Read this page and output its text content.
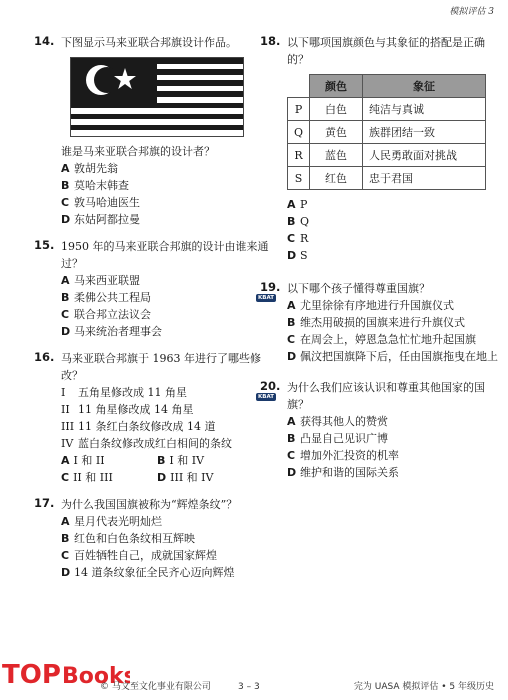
模拟评估 3
14. 下图显示马来亚联合邦旗设计作品。
谁是马来亚联合邦旗的设计者？
A 敦胡先翁
B 莫哈末韩查
C 敦马哈迪医生
D 东姑阿都拉曼
15. 1950 年的马来亚联合邦旗的设计由谁来通过？
A 马来西亚联盟
B 柔佛公共工程局
C 联合邦立法议会
D 马来统治者理事会
16. 马来亚联合邦旗于 1963 年进行了哪些修改？
I	五角星修改成 11 角星
II 11 角星修改成 14 角星
III 11 条红白条纹修改成 14 道
IV 蓝白条纹修改成红白相间的条纹
A I 和 II	B I 和 IV
C II 和 III	D III 和 IV
17. 为什么我国国旗被称为“辉煌条纹”？
A 星月代表光明灿烂
B 红色和白色条纹相互辉映
C 百姓牺牲自己，成就国家辉煌
D 14 道条纹象征全民齐心迈向辉煌
18. 以下哪项国旗颜色与其象征的搭配是正确的？
	颜色	象征
P	白色	纯洁与真诚
Q	黄色	族群团结一致
R	蓝色	人民勇敢面对挑战
S	红色	忠于君国
A P
B Q
C R
D S
19.
KBAT
以下哪个孩子懂得尊重国旗？
A 尤里徐徐有序地进行升国旗仪式
B 维杰用破损的国旗来进行升旗仪式
C 在周会上，婷恩急急忙忙地升起国旗
D 佩汶把国旗降下后，任由国旗拖曳在地上
20.
KBAT
为什么我们应该认识和尊重其他国家的国旗？
A 获得其他人的赞赏
B 凸显自己见识广博
C 增加外汇投资的机率
D 维护和谐的国际关系
TOP Books
© 马文至文化事业有限公司	3 – 3	完为 UASA 模拟评估 • 5 年级历史
